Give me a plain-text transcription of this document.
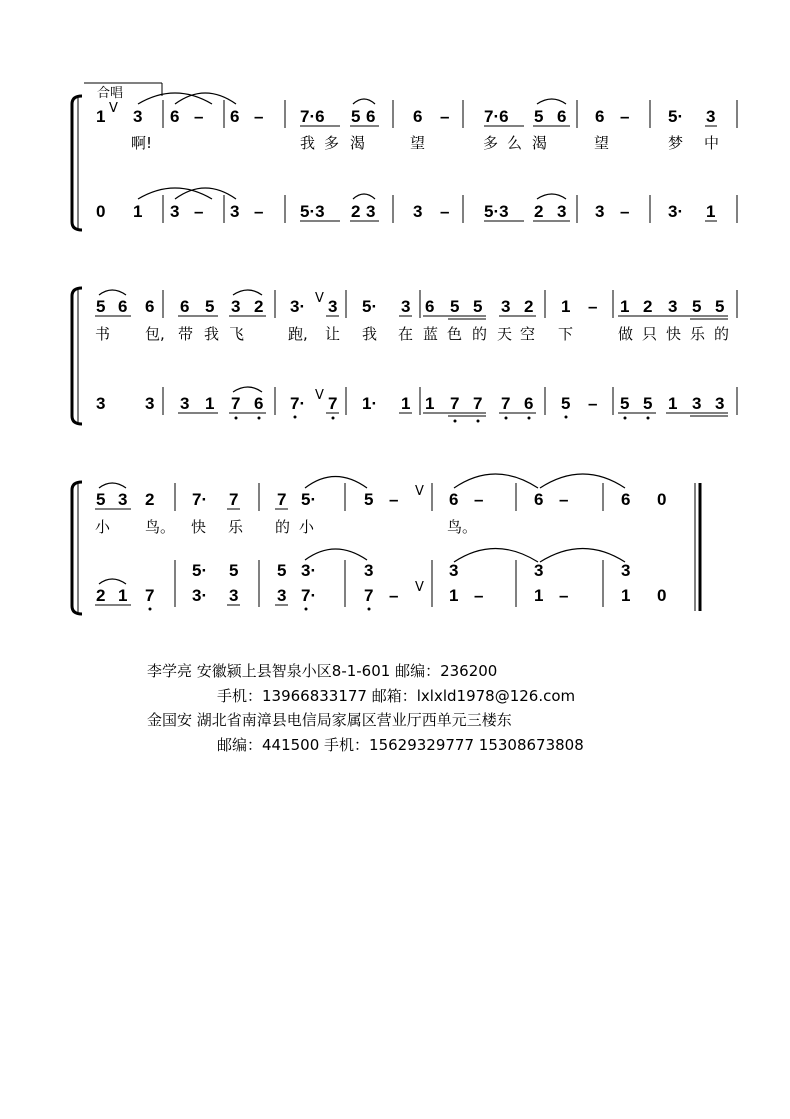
合唱
1 V 3 6 – 6 – 7·6 5 6 6 – 7·6 5 6 6 – 5· 3
啊!	我 多 渴	望	多 么 渴	望	梦 中
0 1 3 – 3 – 5·3 2 3 3 – 5·3 2 3 3 – 3· 1
5 6 6 6 5 3 2 3· V 3 5· 3 6 5 5 3 2 1 – 1 2 3 5 5
书 包, 带 我 飞	跑, 让 我 在 蓝 色 的 天 空 下	做 只 快 乐 的
3 3 3 1 7 6 7· V 7 1· 1 1 7 7 7 6 5 – 5 5 1 3 3
5 3 2 7· 7 7 5·	5 – V 6 –	6 –	6 0
小 鸟。 快 乐 的 小	鸟。
5· 5 5 3·	3	3	3	3
2 1 7 3· 3 3 7·	7 – V 1 –	1 –	1 0
李学亮 安徽颍上县智泉小区8-1-601 邮编：236200
手机：13966833177 邮箱：lxlxld1978@126.com
金国安 湖北省南漳县电信局家属区营业厅西单元三楼东
邮编：441500 手机：15629329777 15308673808
